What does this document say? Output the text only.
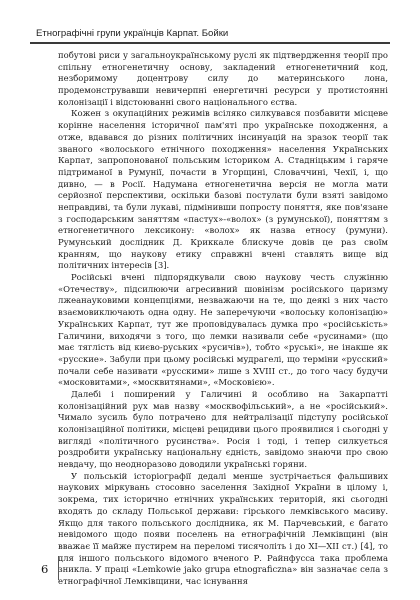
Етнографічні групи українців Карпат. Бойки

побутові риси у загальноукраїнському руслі як підтвердження теорії про спільну етногенетичну основу, закладений етногенетичний код, незборимому доцентрову силу до материнського лона, продемонструвавши невичерпні енергетичні ресурси у протистоянні колонізації і відстоюванні свого національного єства.

Кожен з окупаційних режимів всіляко силкувався позбавити місцеве корінне населення історичної пам'яті про українське походження, а отже, вдавався до різних політичних інсинуацій на зразок теорії так званого «волоського етнічного походження» населення Українських Карпат, запропонованої польським істориком А. Стадніцьким і гаряче підтриманої в Румунії, почасти в Угорщині, Словаччині, Чехії, і, що дивно, — в Росії. Надумана етногенетична версія не могла мати серйозної перспективи, оскільки базові постулати були взяті завідомо неправдиві, та були лукаві, підмінивши попросту поняття, яке пов'язане з господарським заняттям «пастух»-«волох» (з румунської), поняттям з етногенетичного лексикону: «волох» як назва етносу (румуни). Румунський дослідник Д. Криккале блискуче довів це раз своїм кранням, що наукову етику справжні вчені ставлять вище від політичних інтересів [3].

Російські вчені підпорядкували свою наукову честь служінню «Отечеству», підсилюючи агресивний шовінізм російського царизму лжеанауковими концепціями, незважаючи на те, що деякі з них часто взаємовиключають одна одну. Не заперечуючи «волоську колонізацію» Українських Карпат, тут же проповідувалась думка про «російськість» Галичини, виходячи з того, що лемки називали себе «русинами» (що має тяглість від києво-руських «русичів»), тобто «руські», не інакше як «русские». Забули при цьому російські мудрагелі, що терміни «русский» почали себе називати «русскими» лише з XVIII ст., до того часу будучи «московитами», «москвитянами», «Московією».

Далебі і поширений у Галичині й особливо на Закарпатті колонізаційний рух мав назву «москвофільський», а не «російський». Чимало зусиль було потрачено для нейтралізації підступу російської колонізаційної політики, місцеві рецидиви цього проявилися і сьогодні у вигляді «політичного русинства». Росія і тоді, і тепер силкується роздробити українську національну єдність, завідомо знаючи про свою невдачу, що неодноразово доводили українські горяни.

У польській історіографії дедалі менше зустрічається фальшивих наукових міркувань стосовно заселення Західної України в цілому і, зокрема, тих історично етнічних українських територій, які сьогодні входять до складу Польської держави: гірського лемківського масиву. Якщо для такого польського дослідника, як М. Парчевський, є багато невідомого щодо появи поселень на етнографічній Лемківщині (він вважає її майже пустирем на переломі тисячоліть і до XI—XII ст.) [4], то для іншого польського відомого вченого Р. Райнфусса така проблема зникла. У праці «Lemkowie jako grupa etnograficzna» він зазначає села з етнографічної Лемківщини, час існування

6
